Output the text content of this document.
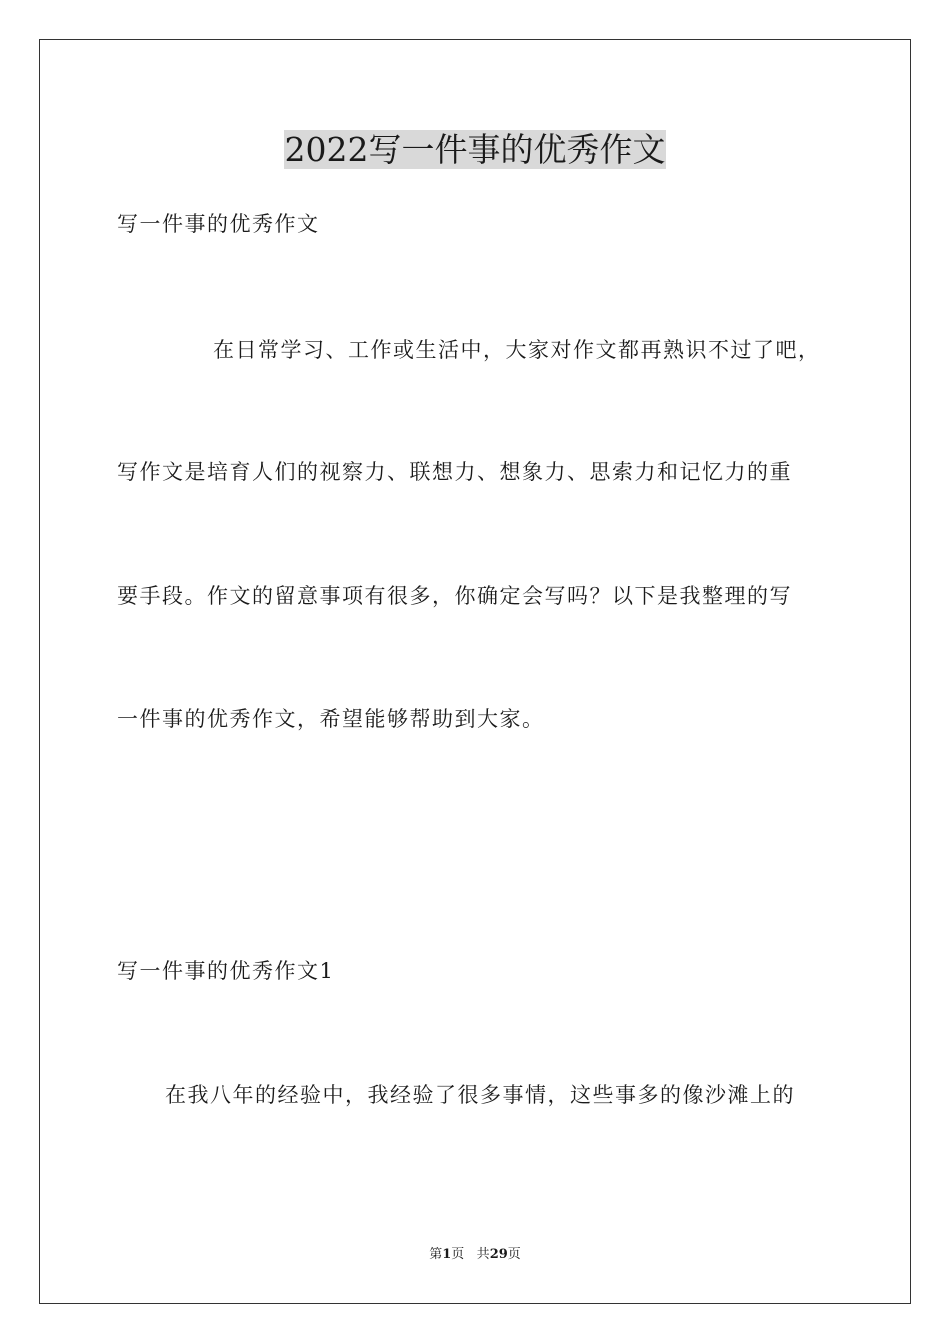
2022写一件事的优秀作文
写一件事的优秀作文
在日常学习、工作或生活中，大家对作文都再熟识不过了吧，
写作文是培育人们的视察力、联想力、想象力、思索力和记忆力的重
要手段。作文的留意事项有很多，你确定会写吗？以下是我整理的写
一件事的优秀作文，希望能够帮助到大家。
写一件事的优秀作文1
在我八年的经验中，我经验了很多事情，这些事多的像沙滩上的
第1页 共29页
